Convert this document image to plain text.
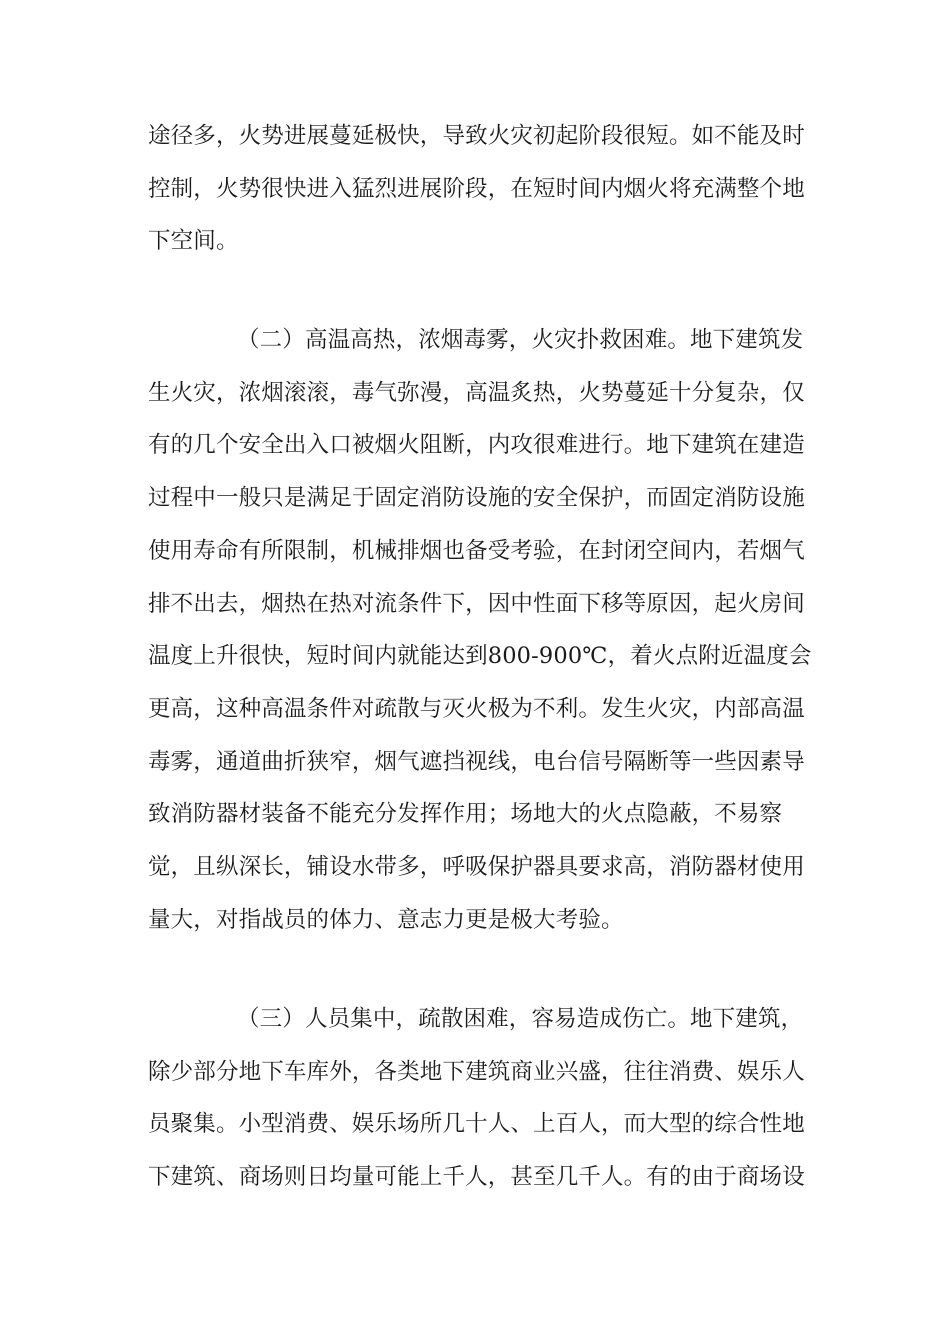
途径多，火势进展蔓延极快，导致火灾初起阶段很短。如不能及时
控制，火势很快进入猛烈进展阶段，在短时间内烟火将充满整个地
下空间。
（二）高温高热，浓烟毒雾，火灾扑救困难。地下建筑发
生火灾，浓烟滚滚，毒气弥漫，高温炙热，火势蔓延十分复杂，仅
有的几个安全出入口被烟火阻断，内攻很难进行。地下建筑在建造
过程中一般只是满足于固定消防设施的安全保护，而固定消防设施
使用寿命有所限制，机械排烟也备受考验，在封闭空间内，若烟气
排不出去，烟热在热对流条件下，因中性面下移等原因，起火房间
温度上升很快，短时间内就能达到800-900℃，着火点附近温度会
更高，这种高温条件对疏散与灭火极为不利。发生火灾，内部高温
毒雾，通道曲折狭窄，烟气遮挡视线，电台信号隔断等一些因素导
致消防器材装备不能充分发挥作用；场地大的火点隐蔽，不易察
觉，且纵深长，铺设水带多，呼吸保护器具要求高，消防器材使用
量大，对指战员的体力、意志力更是极大考验。
（三）人员集中，疏散困难，容易造成伤亡。地下建筑，
除少部分地下车库外，各类地下建筑商业兴盛，往往消费、娱乐人
员聚集。小型消费、娱乐场所几十人、上百人，而大型的综合性地
下建筑、商场则日均量可能上千人，甚至几千人。有的由于商场设
